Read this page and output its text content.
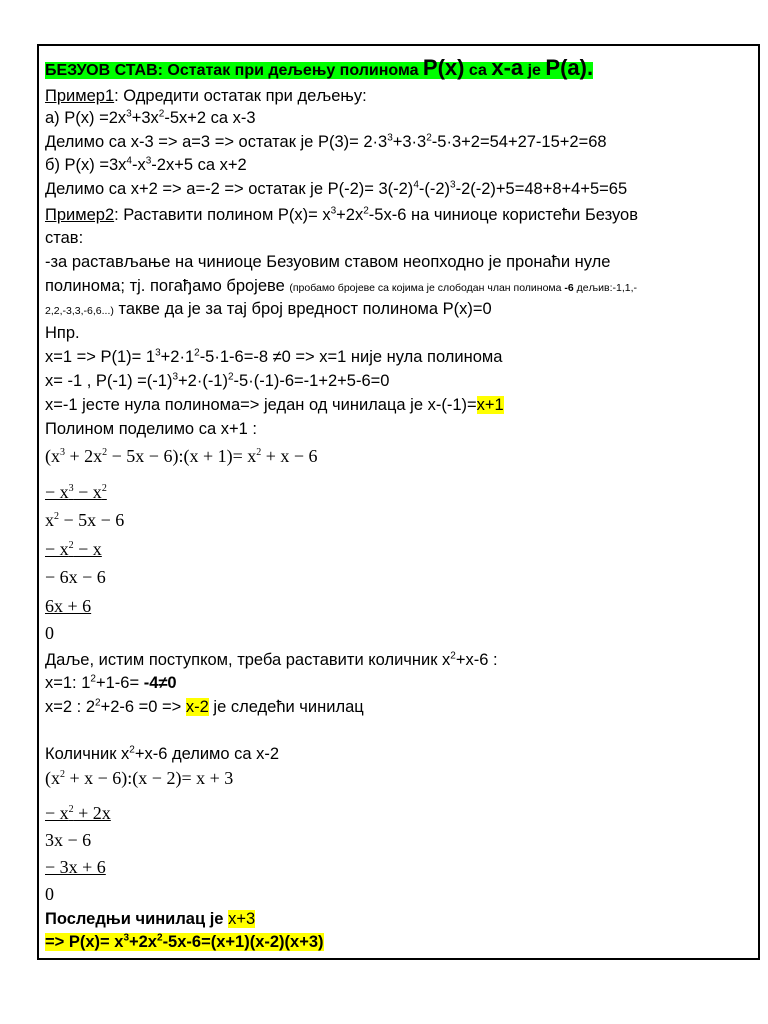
БЕЗУОВ СТАВ: Остатак при дељењу полинома P(x) са x-a је P(a).
Пример1: Одредити остатак при дељењу:
а) $P(x) =2x^3+3x^2-5x+2$ са x-3
Делимо са x-3 => a=3 => остатак је $P(3)= 2\cdot 3^3+3\cdot 3^2-5\cdot 3+2=54+27-15+2=68$
б) $P(x) =3x^4-x^3-2x+5$ са x+2
Делимо са x+2 => a=-2 => остатак је $P(-2)= 3(-2)^4-(-2)^3-2(-2)+5=48+8+4+5=65$
Пример2: Раставити полином $P(x)= x^3+2x^2-5x-6$ на чиниоце користећи Безуов
став:
-за растављање на чиниоце Безуовим ставом неопходно је пронаћи нуле
полинома; тј. погађамо бројеве (пробамо бројеве са којима је слободан члан полинома -6 дељив:-1,1,-
2,2,-3,3,-6,6...) такве да је за тај број вредност полинома P(x)=0
Нпр.
$x=1 => P(1)= 1^3+2\cdot 1^2-5\cdot 1-6=-8 \ne 0 => x=1$ није нула полинома
x= -1 , $P(-1) =(-1)^3+2\cdot(-1)^2-5\cdot(-1)-6=-1+2+5-6=0$
x=-1 јесте нула полинома=> један од чинилаца је x-(-1)=x+1
Полином поделимо са x+1 :
($x^3 + 2x^2 - 5x$ − 6):(x + $1)= x^2 + x - 6$
− $x^3 - x^2$
$x^2 - 5x - 6$
− $x^2 - x$
− 6x − 6
6x + 6
0
Даље, истим поступком, треба раставити количник $x^2+x-6$ :
x=1: $1^2+1-6= -4\ne 0$
x=2 : $2^2+2-6 =0 => x-2$ је следећи чинилац
Количник $x^2+x-6$ делимо са x-2
($x^2 + x$ − 6):(x − 2)= x + 3
− $x^2 + 2x$
3x − 6
− 3x + 6
0
Последњи чинилац је x+3
=> $P(x)= x^3+2x^2-5x-6=(x+1)(x-2)(x+3)$
